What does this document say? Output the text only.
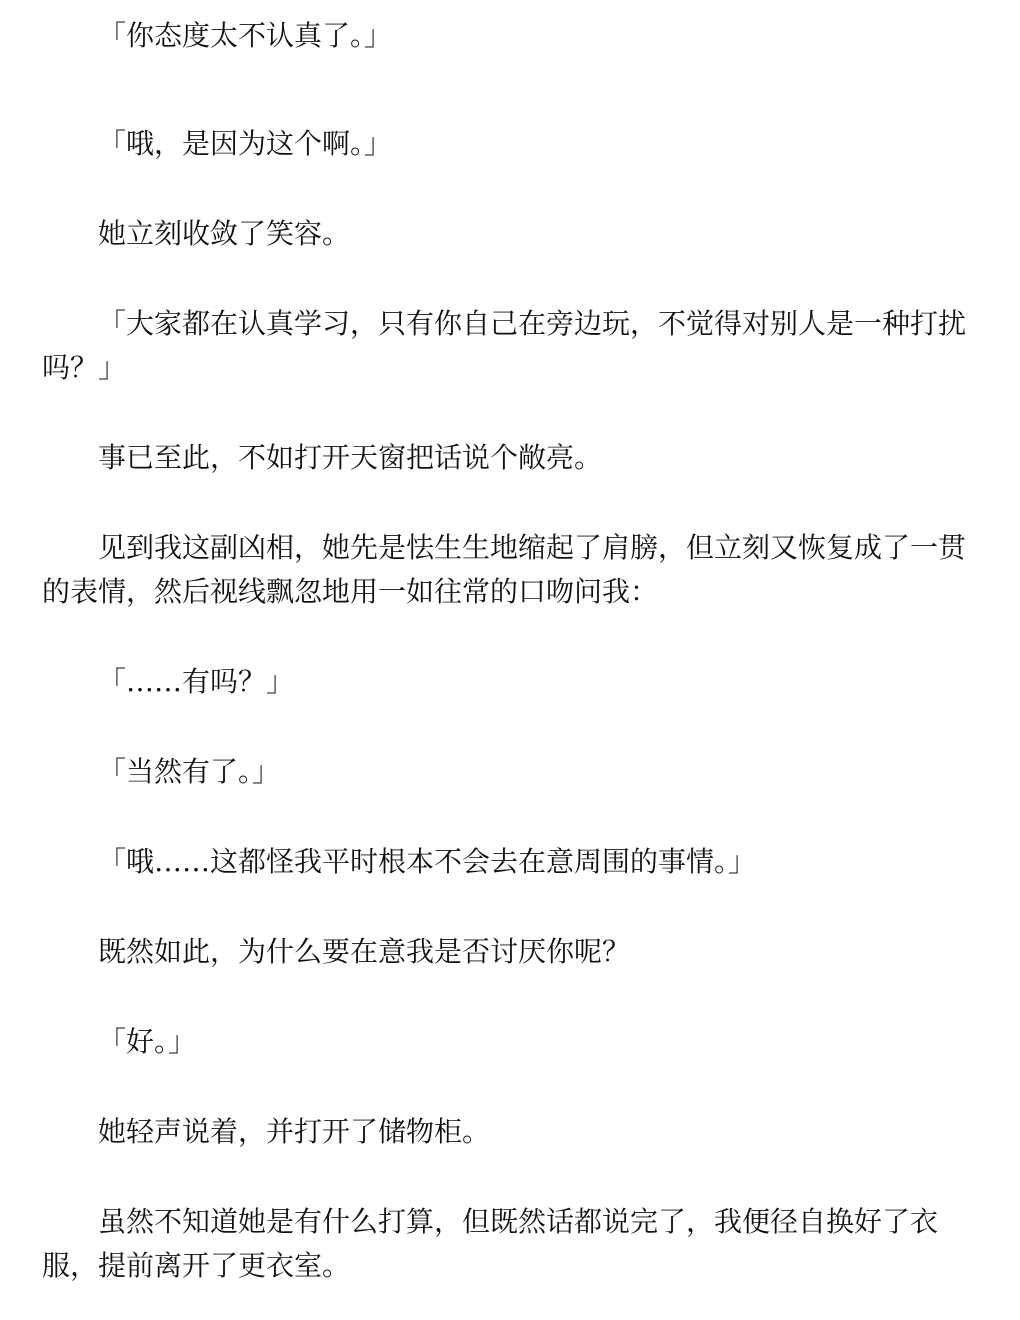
「你态度太不认真了。」

「哦，是因为这个啊。」

她立刻收敛了笑容。

「大家都在认真学习，只有你自己在旁边玩，不觉得对别人是一种打扰吗？」

事已至此，不如打开天窗把话说个敞亮。

见到我这副凶相，她先是怯生生地缩起了肩膀，但立刻又恢复成了一贯的表情，然后视线飘忽地用一如往常的口吻问我：

「……有吗？」

「当然有了。」

「哦……这都怪我平时根本不会去在意周围的事情。」

既然如此，为什么要在意我是否讨厌你呢？

「好。」

她轻声说着，并打开了储物柜。

虽然不知道她是有什么打算，但既然话都说完了，我便径自换好了衣服，提前离开了更衣室。
